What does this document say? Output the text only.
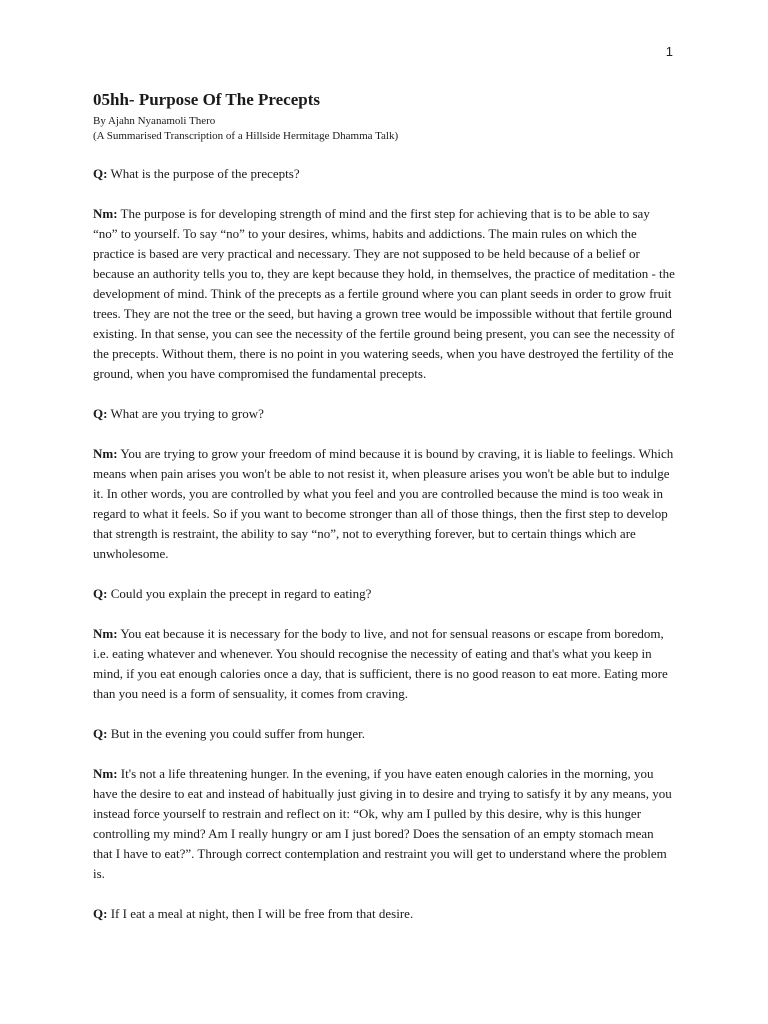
1
05hh- Purpose Of The Precepts

By Ajahn Nyanamoli Thero

(A Summarised Transcription of a Hillside Hermitage Dhamma Talk)

Q: What is the purpose of the precepts?

Nm: The purpose is for developing strength of mind and the first step for achieving that is to be able to say “no” to yourself. To say “no” to your desires, whims, habits and addictions. The main rules on which the practice is based are very practical and necessary. They are not supposed to be held because of a belief or because an authority tells you to, they are kept because they hold, in themselves, the practice of meditation - the development of mind. Think of the precepts as a fertile ground where you can plant seeds in order to grow fruit trees. They are not the tree or the seed, but having a grown tree would be impossible without that fertile ground existing. In that sense, you can see the necessity of the fertile ground being present, you can see the necessity of the precepts. Without them, there is no point in you watering seeds, when you have destroyed the fertility of the ground, when you have compromised the fundamental precepts.

Q: What are you trying to grow?

Nm: You are trying to grow your freedom of mind because it is bound by craving, it is liable to feelings. Which means when pain arises you won't be able to not resist it, when pleasure arises you won't be able but to indulge it. In other words, you are controlled by what you feel and you are controlled because the mind is too weak in regard to what it feels. So if you want to become stronger than all of those things, then the first step to develop that strength is restraint, the ability to say “no”, not to everything forever, but to certain things which are unwholesome.

Q: Could you explain the precept in regard to eating?

Nm: You eat because it is necessary for the body to live, and not for sensual reasons or escape from boredom, i.e. eating whatever and whenever. You should recognise the necessity of eating and that's what you keep in mind, if you eat enough calories once a day, that is sufficient, there is no good reason to eat more. Eating more than you need is a form of sensuality, it comes from craving.

Q: But in the evening you could suffer from hunger.

Nm: It's not a life threatening hunger. In the evening, if you have eaten enough calories in the morning, you have the desire to eat and instead of habitually just giving in to desire and trying to satisfy it by any means, you instead force yourself to restrain and reflect on it: “Ok, why am I pulled by this desire, why is this hunger controlling my mind? Am I really hungry or am I just bored? Does the sensation of an empty stomach mean that I have to eat?”. Through correct contemplation and restraint you will get to understand where the problem is.

Q: If I eat a meal at night, then I will be free from that desire.
